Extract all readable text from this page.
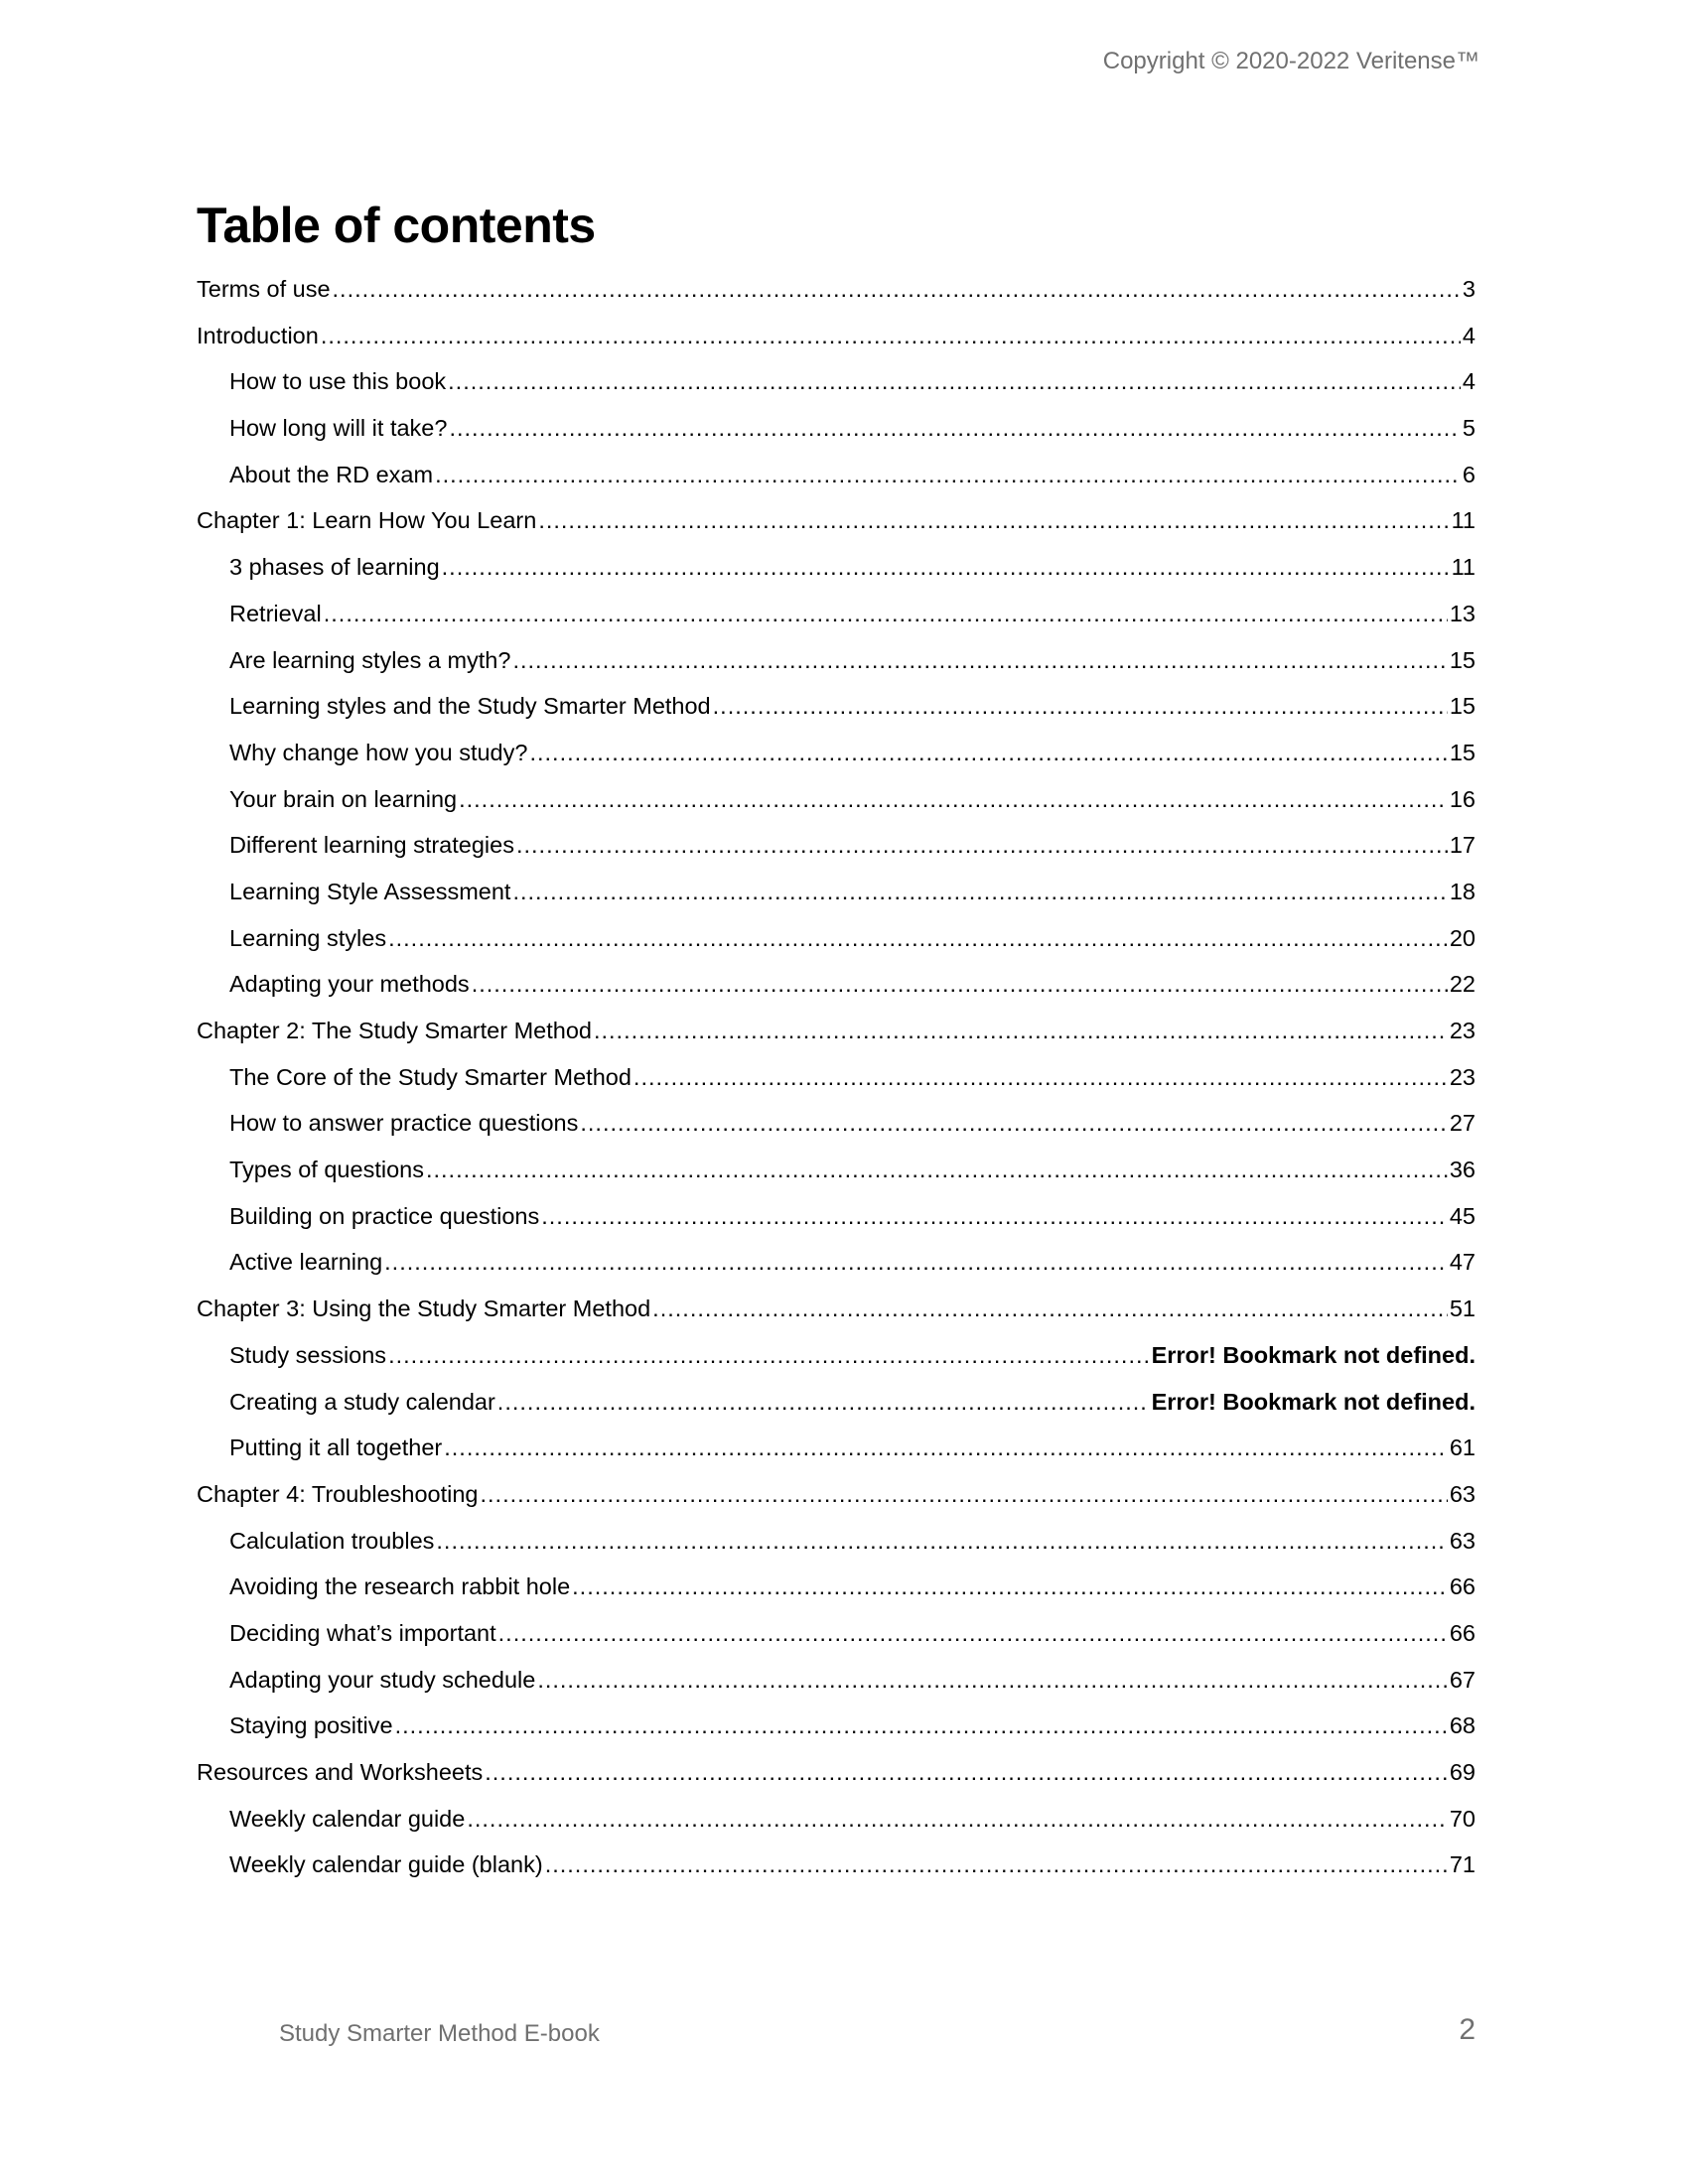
Copyright © 2020-2022 Veritense™
Table of contents
Terms of use .....	3
Introduction .....	4
How to use this book .....	4
How long will it take? .....	5
About the RD exam .....	6
Chapter 1: Learn How You Learn .....	11
3 phases of learning .....	11
Retrieval .....	13
Are learning styles a myth? .....	15
Learning styles and the Study Smarter Method .....	15
Why change how you study? .....	15
Your brain on learning .....	16
Different learning strategies .....	17
Learning Style Assessment .....	18
Learning styles .....	20
Adapting your methods .....	22
Chapter 2: The Study Smarter Method .....	23
The Core of the Study Smarter Method .....	23
How to answer practice questions .....	27
Types of questions .....	36
Building on practice questions .....	45
Active learning .....	47
Chapter 3: Using the Study Smarter Method .....	51
Study sessions .....	Error! Bookmark not defined.
Creating a study calendar .....	Error! Bookmark not defined.
Putting it all together .....	61
Chapter 4: Troubleshooting .....	63
Calculation troubles .....	63
Avoiding the research rabbit hole .....	66
Deciding what’s important .....	66
Adapting your study schedule .....	67
Staying positive .....	68
Resources and Worksheets .....	69
Weekly calendar guide .....	70
Weekly calendar guide (blank) .....	71
Study Smarter Method E-book	2
